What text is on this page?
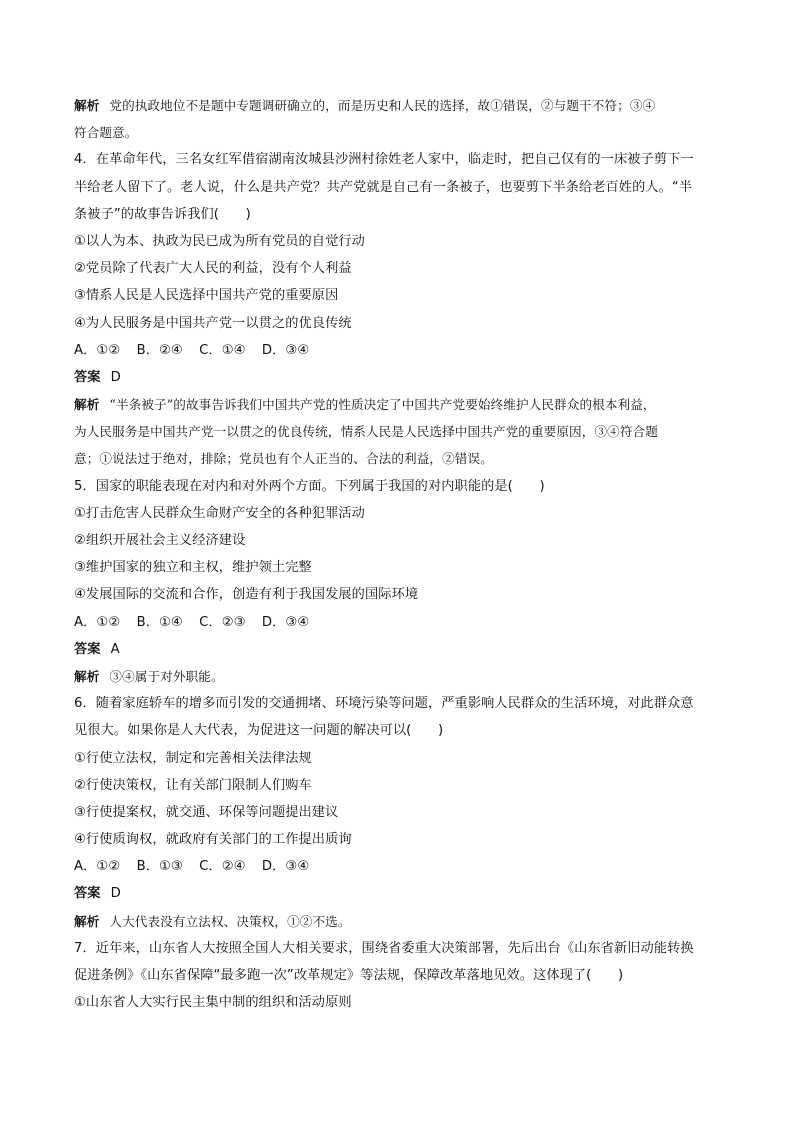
解析 党的执政地位不是题中专题调研确立的，而是历史和人民的选择，故①错误，②与题干不符；③④
符合题意。
4．在革命年代，三名女红军借宿湖南汝城县沙洲村徐姓老人家中，临走时，把自己仅有的一床被子剪下一
半给老人留下了。老人说，什么是共产党？共产党就是自己有一条被子，也要剪下半条给老百姓的人。“半
条被子”的故事告诉我们(　　)
①以人为本、执政为民已成为所有党员的自觉行动
②党员除了代表广大人民的利益，没有个人利益
③情系人民是人民选择中国共产党的重要原因
④为人民服务是中国共产党一以贯之的优良传统
A．①② B．②④ C．①④ D．③④
答案 D
解析 “半条被子”的故事告诉我们中国共产党的性质决定了中国共产党要始终维护人民群众的根本利益，
为人民服务是中国共产党一以贯之的优良传统，情系人民是人民选择中国共产党的重要原因，③④符合题
意；①说法过于绝对，排除；党员也有个人正当的、合法的利益，②错误。
5．国家的职能表现在对内和对外两个方面。下列属于我国的对内职能的是(　　)
①打击危害人民群众生命财产安全的各种犯罪活动
②组织开展社会主义经济建设
③维护国家的独立和主权，维护领土完整
④发展国际的交流和合作，创造有利于我国发展的国际环境
A．①② B．①④ C．②③ D．③④
答案 A
解析 ③④属于对外职能。
6．随着家庭轿车的增多而引发的交通拥堵、环境污染等问题，严重影响人民群众的生活环境，对此群众意
见很大。如果你是人大代表，为促进这一问题的解决可以(　　)
①行使立法权，制定和完善相关法律法规
②行使决策权，让有关部门限制人们购车
③行使提案权，就交通、环保等问题提出建议
④行使质询权，就政府有关部门的工作提出质询
A．①② B．①③ C．②④ D．③④
答案 D
解析 人大代表没有立法权、决策权，①②不选。
7．近年来，山东省人大按照全国人大相关要求，围绕省委重大决策部署，先后出台《山东省新旧动能转换
促进条例》《山东省保障“最多跑一次”改革规定》等法规，保障改革落地见效。这体现了(　　)
①山东省人大实行民主集中制的组织和活动原则
